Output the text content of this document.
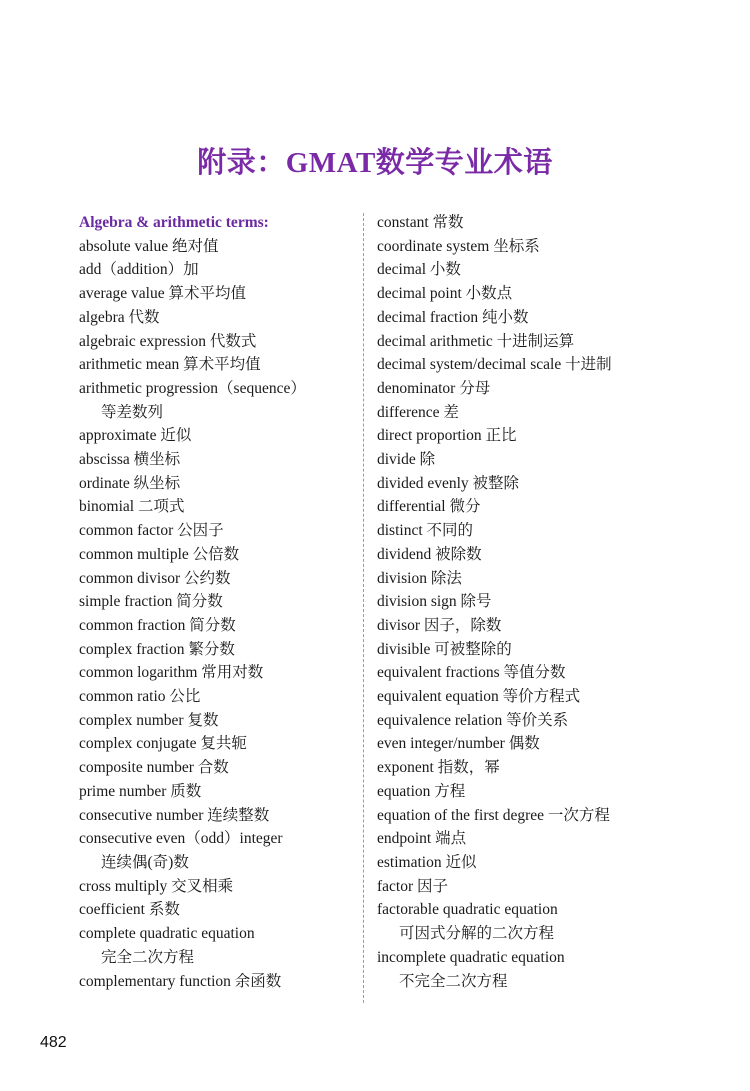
附录：GMAT数学专业术语
Algebra & arithmetic terms:
absolute value 绝对值
add（addition）加
average value 算术平均值
algebra 代数
algebraic expression 代数式
arithmetic mean 算术平均值
arithmetic progression（sequence）
等差数列
approximate 近似
abscissa 横坐标
ordinate 纵坐标
binomial 二项式
common factor 公因子
common multiple 公倍数
common divisor 公约数
simple fraction 简分数
common fraction 简分数
complex fraction 繁分数
common logarithm 常用对数
common ratio 公比
complex number 复数
complex conjugate 复共轭
composite number 合数
prime number 质数
consecutive number 连续整数
consecutive even（odd）integer
连续偶(奇)数
cross multiply 交叉相乘
coefficient 系数
complete quadratic equation
完全二次方程
complementary function 余函数
constant 常数
coordinate system 坐标系
decimal 小数
decimal point 小数点
decimal fraction 纯小数
decimal arithmetic 十进制运算
decimal system/decimal scale 十进制
denominator 分母
difference 差
direct proportion 正比
divide 除
divided evenly 被整除
differential 微分
distinct 不同的
dividend 被除数
division 除法
division sign 除号
divisor 因子，除数
divisible 可被整除的
equivalent fractions 等值分数
equivalent equation 等价方程式
equivalence relation 等价关系
even integer/number 偶数
exponent 指数，幂
equation 方程
equation of the first degree 一次方程
endpoint 端点
estimation 近似
factor 因子
factorable quadratic equation
可因式分解的二次方程
incomplete quadratic equation
不完全二次方程
482
